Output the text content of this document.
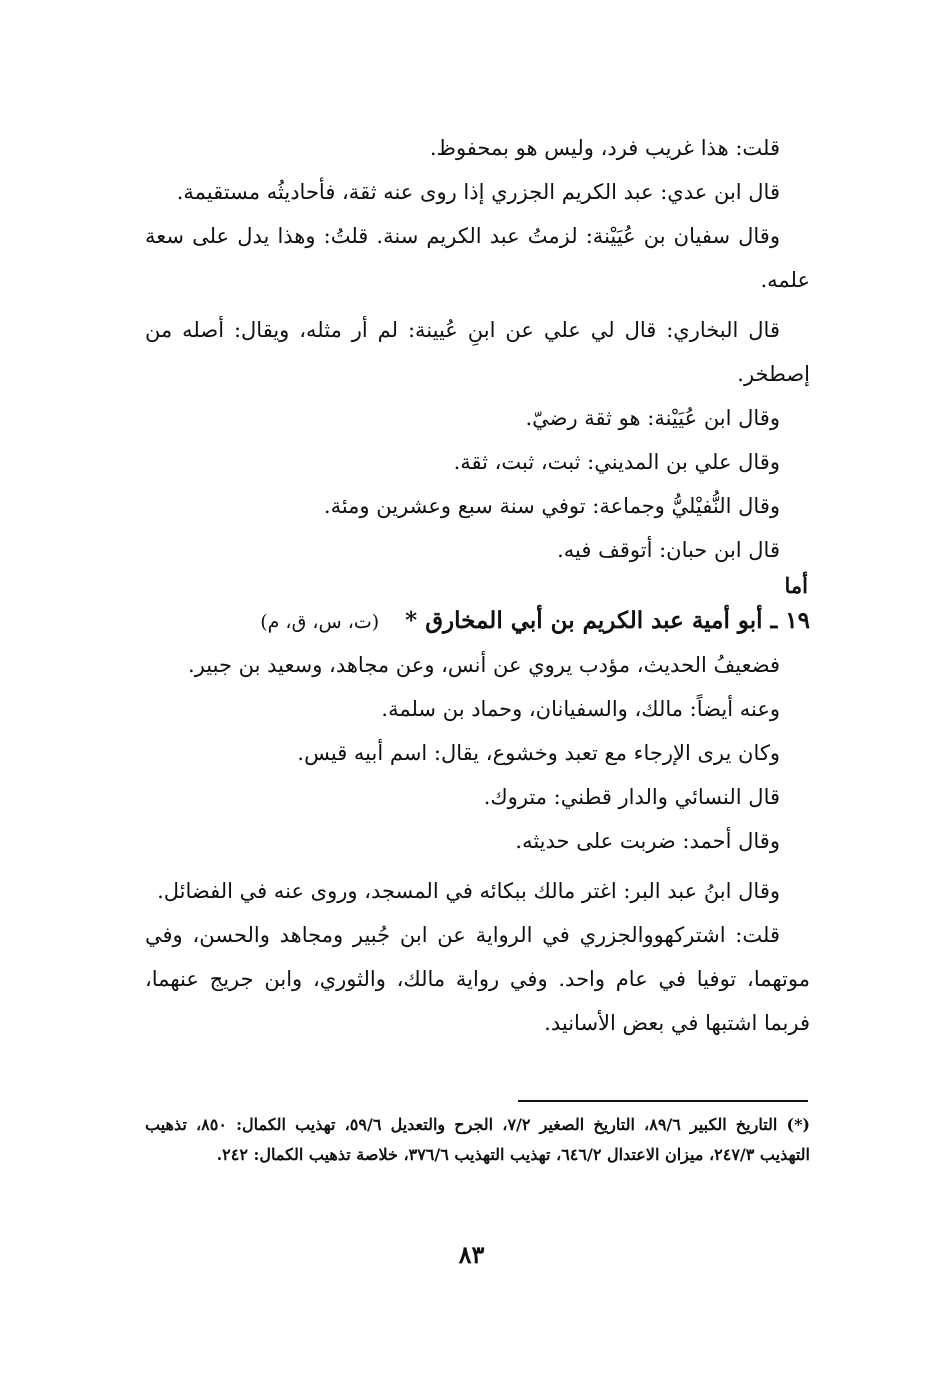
قلت: هذا غريب فرد، وليس هو بمحفوظ.

قال ابن عدي: عبد الكريم الجزري إذا روى عنه ثقة، فأحاديثُه مستقيمة.

وقال سفيان بن عُيَيْنة: لزمتُ عبد الكريم سنة. قلتُ: وهذا يدل على سعة علمه.

قال البخاري: قال لي علي عن ابنِ عُيينة: لم أر مثله، ويقال: أصله من إصطخر.

وقال ابن عُيَيْنة: هو ثقة رضيّ.

وقال علي بن المديني: ثبت، ثبت، ثقة.

وقال النُّفيْليُّ وجماعة: توفي سنة سبع وعشرين ومئة.

قال ابن حبان: أتوقف فيه.

أما

١٩ ـ أبو أمية عبد الكريم بن أبي المخارق * (ت، س، ق، م)

فضعيفُ الحديث، مؤدب يروي عن أنس، وعن مجاهد، وسعيد بن جبير.

وعنه أيضاً: مالك، والسفيانان، وحماد بن سلمة.

وكان يرى الإرجاء مع تعبد وخشوع، يقال: اسم أبيه قيس.

قال النسائي والدار قطني: متروك.

وقال أحمد: ضربت على حديثه.

وقال ابنُ عبد البر: اغتر مالك ببكائه في المسجد، وروى عنه في الفضائل.

قلت: اشتركهووالجزري في الرواية عن ابن جُبير ومجاهد والحسن، وفي موتهما، توفيا في عام واحد. وفي رواية مالك، والثوري، وابن جريج عنهما، فربما اشتبها في بعض الأسانيد.

(*) التاريخ الكبير ٨٩/٦، التاريخ الصغير ٧/٢، الجرح والتعديل ٥٩/٦، تهذيب الكمال: ٨٥٠، تذهيب التهذيب ٢٤٧/٣، ميزان الاعتدال ٦٤٦/٢، تهذيب التهذيب ٣٧٦/٦، خلاصة تذهيب الكمال: ٢٤٢.

٨٣
